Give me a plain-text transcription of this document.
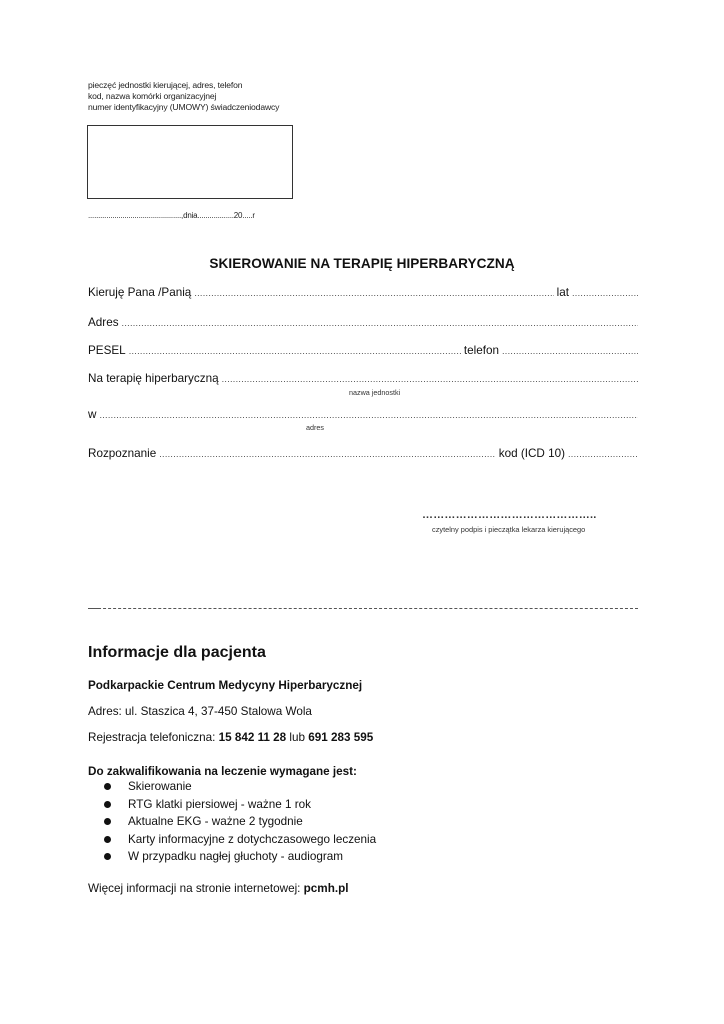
pieczęć jednostki kierującej, adres, telefon
kod, nazwa komórki organizacyjnej
numer identyfikacyjny (UMOWY) świadczeniodawcy
..............................................,dnia..................20.....r
SKIEROWANIE NA TERAPIĘ HIPERBARYCZNĄ
Kieruję Pana /Panią .....	lat
.....
Adres
.....
PESEL .....	telefon
.....
Na terapię hiperbaryczną
.....
nazwa jednostki
w
.....
adres
Rozpoznanie .....	kod (ICD 10)
.....
………………………………………..
czytelny podpis i pieczątka lekarza kierującego
Informacje dla pacjenta
Podkarpackie Centrum Medycyny Hiperbarycznej
Adres: ul. Staszica 4, 37-450 Stalowa Wola
Rejestracja telefoniczna: 15 842 11 28 lub 691 283 595
Do zakwalifikowania na leczenie wymagane jest:
Skierowanie
RTG klatki piersiowej - ważne 1 rok
Aktualne EKG - ważne 2 tygodnie
Karty informacyjne z dotychczasowego leczenia
W przypadku nagłej głuchoty - audiogram
Więcej informacji na stronie internetowej: pcmh.pl
